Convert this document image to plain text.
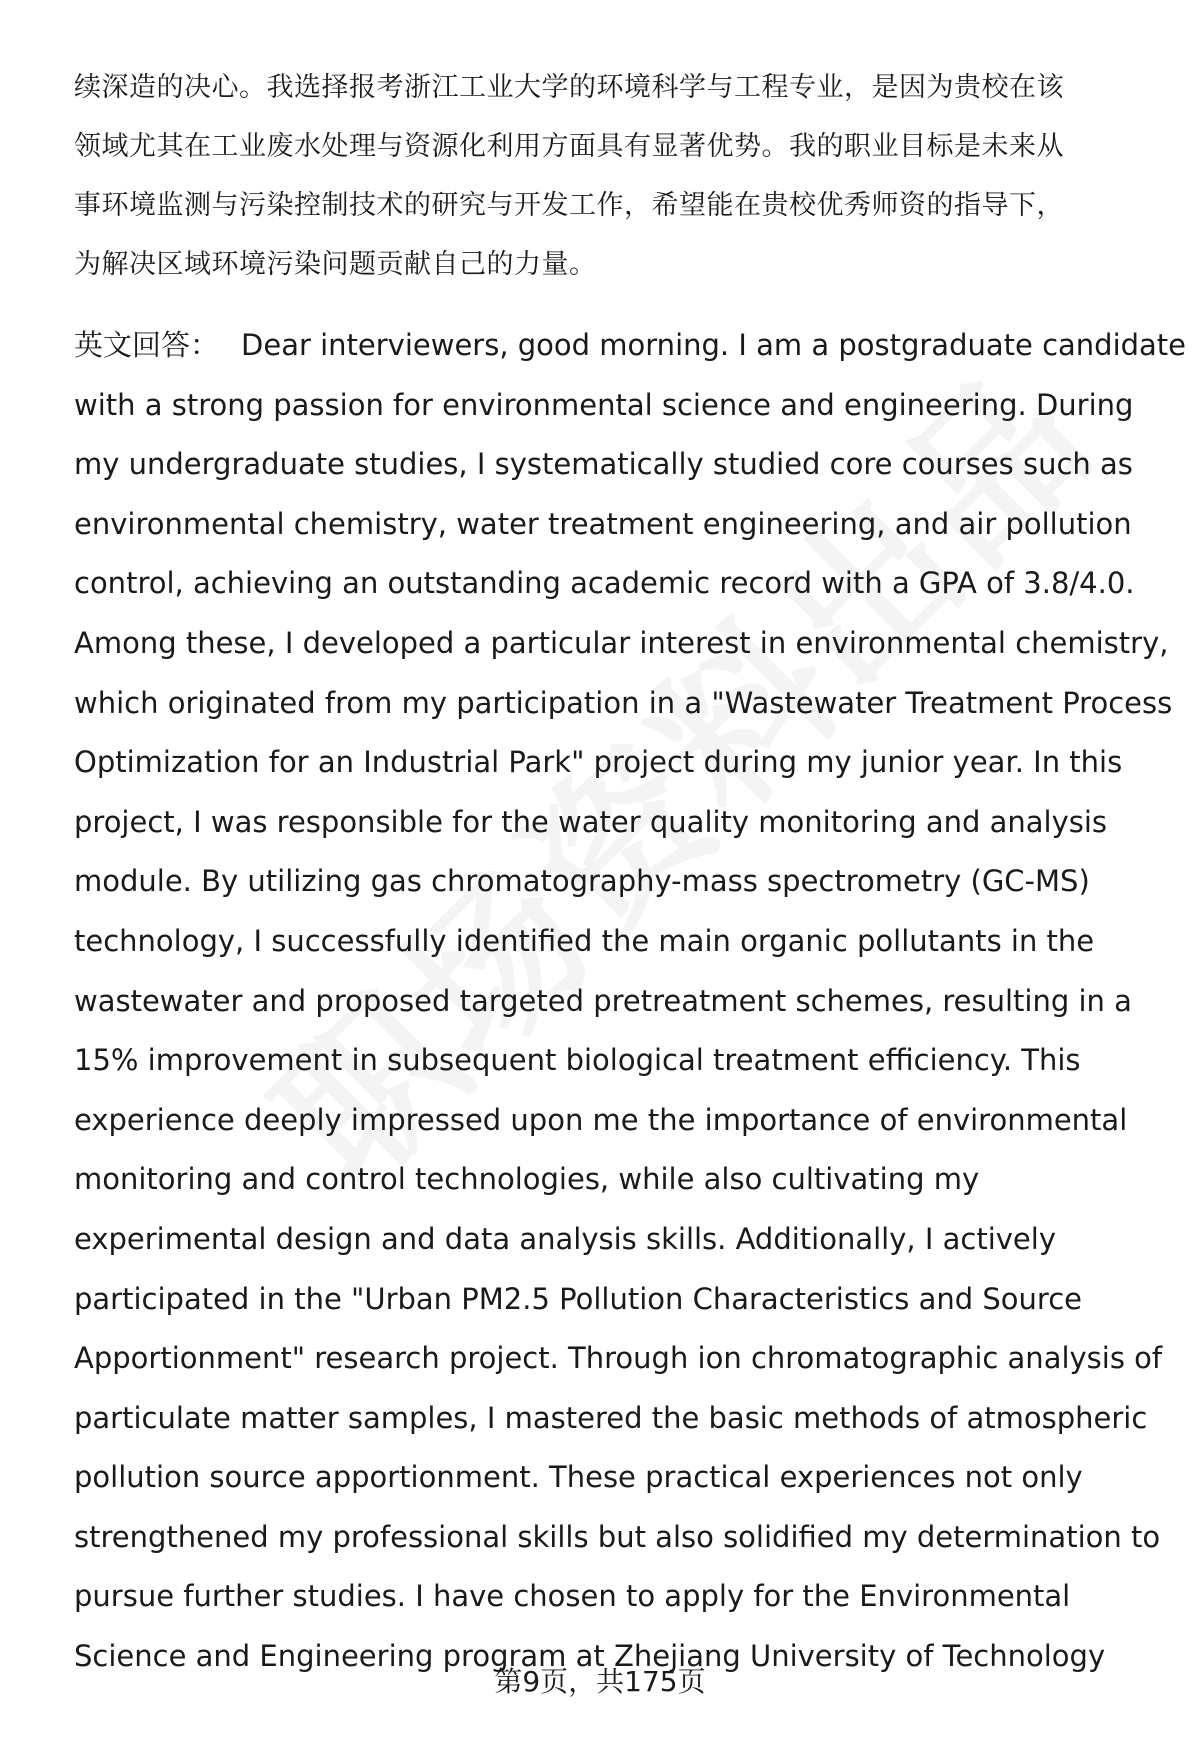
续深造的决心。我选择报考浙江工业大学的环境科学与工程专业，是因为贵校在该
领域尤其在工业废水处理与资源化利用方面具有显著优势。我的职业目标是未来从
事环境监测与污染控制技术的研究与开发工作，希望能在贵校优秀师资的指导下，
为解决区域环境污染问题贡献自己的力量。
英文回答： Dear interviewers, good morning. I am a postgraduate candidate
with a strong passion for environmental science and engineering. During
my undergraduate studies, I systematically studied core courses such as
environmental chemistry, water treatment engineering, and air pollution
control, achieving an outstanding academic record with a GPA of 3.8/4.0.
Among these, I developed a particular interest in environmental chemistry,
which originated from my participation in a "Wastewater Treatment Process
Optimization for an Industrial Park" project during my junior year. In this
project, I was responsible for the water quality monitoring and analysis
module. By utilizing gas chromatography-mass spectrometry (GC-MS)
technology, I successfully identified the main organic pollutants in the
wastewater and proposed targeted pretreatment schemes, resulting in a
15% improvement in subsequent biological treatment efficiency. This
experience deeply impressed upon me the importance of environmental
monitoring and control technologies, while also cultivating my
experimental design and data analysis skills. Additionally, I actively
participated in the "Urban PM2.5 Pollution Characteristics and Source
Apportionment" research project. Through ion chromatographic analysis of
particulate matter samples, I mastered the basic methods of atmospheric
pollution source apportionment. These practical experiences not only
strengthened my professional skills but also solidified my determination to
pursue further studies. I have chosen to apply for the Environmental
Science and Engineering program at Zhejiang University of Technology
第9页，共175页
